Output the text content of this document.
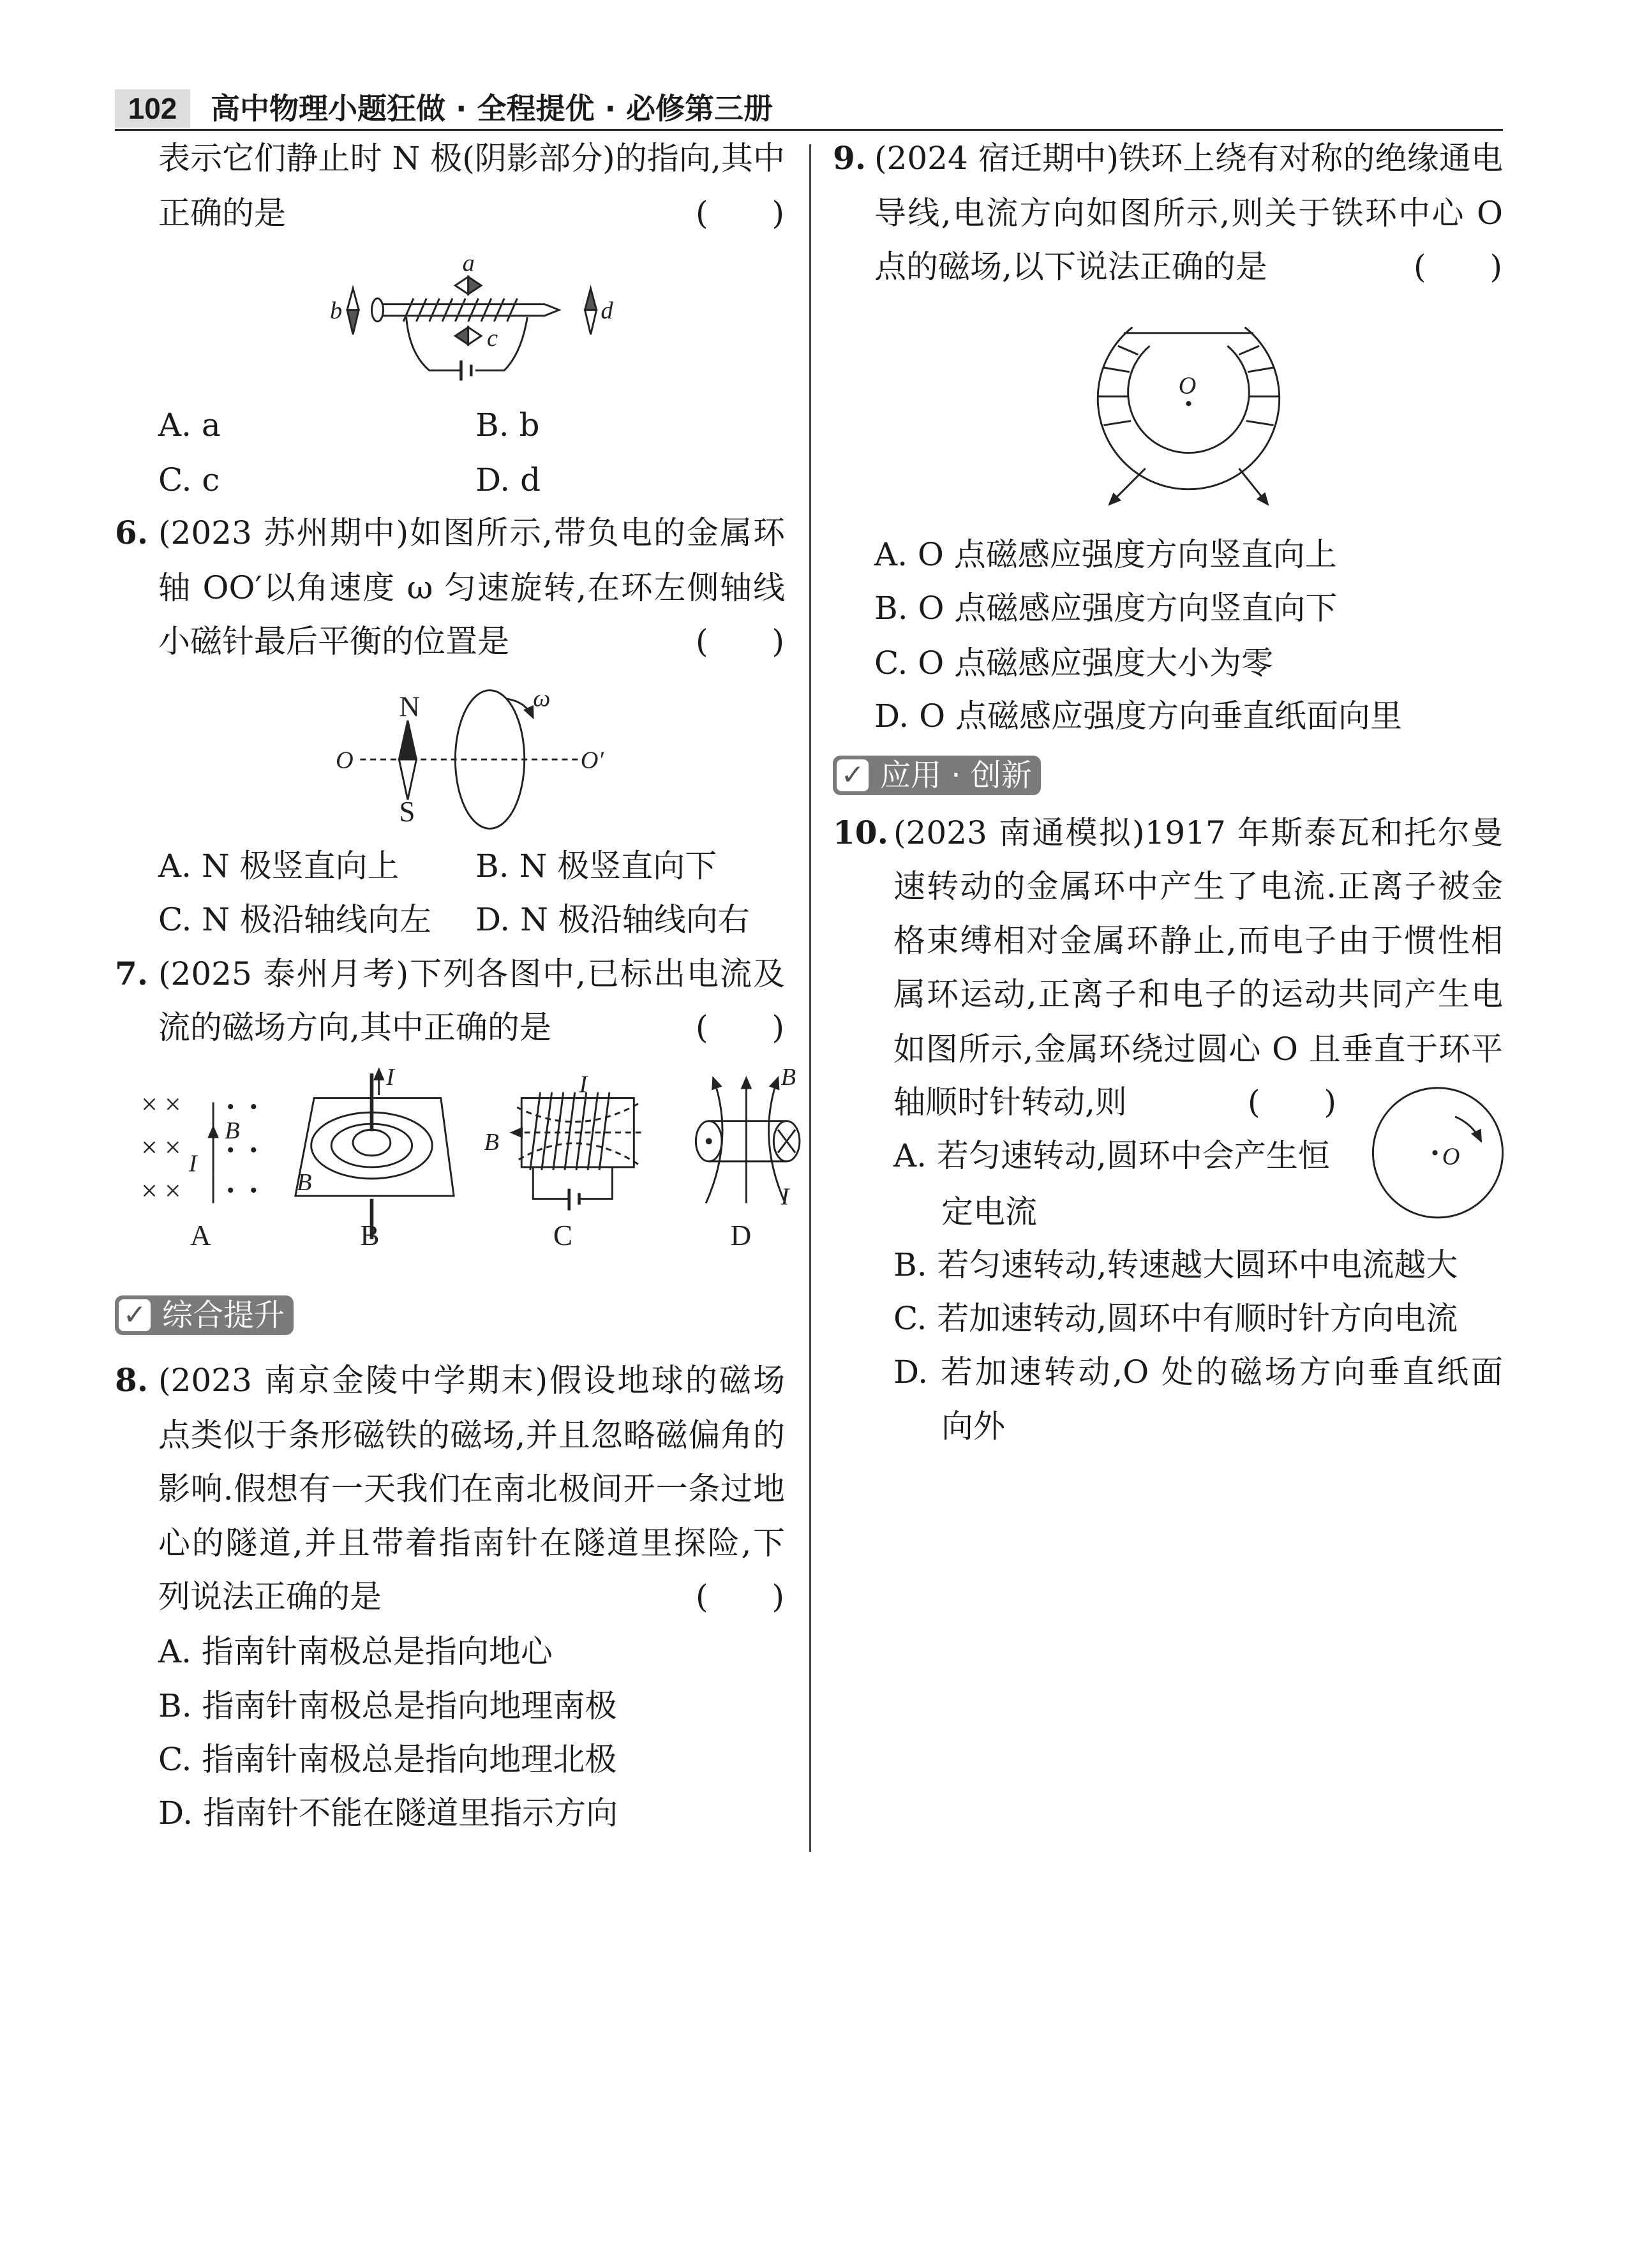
102	高中物理小题狂做 · 全程提优 · 必修第三册
表示它们静止时 N 极(阴影部分)的指向,其中
正确的是	(　　)
A. a	B. b
C. c	D. d
6. (2023 苏州期中)如图所示,带负电的金属环
轴 OO′以角速度 ω 匀速旋转,在环左侧轴线
小磁针最后平衡的位置是	(　　)
A. N 极竖直向上 B. N 极竖直向下
C. N 极沿轴线向左 D. N 极沿轴线向右
7. (2025 泰州月考)下列各图中,已标出电流及
流的磁场方向,其中正确的是	(　　)
✓ 综合提升
8. (2023 南京金陵中学期末)假设地球的磁场
点类似于条形磁铁的磁场,并且忽略磁偏角的
影响.假想有一天我们在南北极间开一条过地
心的隧道,并且带着指南针在隧道里探险,下
列说法正确的是	(　　)
A. 指南针南极总是指向地心
B. 指南针南极总是指向地理南极
C. 指南针南极总是指向地理北极
D. 指南针不能在隧道里指示方向
9. (2024 宿迁期中)铁环上绕有对称的绝缘通电
导线,电流方向如图所示,则关于铁环中心 O
点的磁场,以下说法正确的是	(　　)
A. O 点磁感应强度方向竖直向上
B. O 点磁感应强度方向竖直向下
C. O 点磁感应强度大小为零
D. O 点磁感应强度方向垂直纸面向里
✓ 应用 · 创新
10. (2023 南通模拟)1917 年斯泰瓦和托尔曼
速转动的金属环中产生了电流.正离子被金
格束缚相对金属环静止,而电子由于惯性相
属环运动,正离子和电子的运动共同产生电
如图所示,金属环绕过圆心 O 且垂直于环平
轴顺时针转动,则	(　　)
A. 若匀速转动,圆环中会产生恒
定电流
B. 若匀速转动,转速越大圆环中电流越大
C. 若加速转动,圆环中有顺时针方向电流
D. 若加速转动,O 处的磁场方向垂直纸面
向外
× ×
× ×
× ×
a
b
c
d
N
S
O	O′
ω
I
B
I
B
I
B
B
I
A	B	C	D
O
O
